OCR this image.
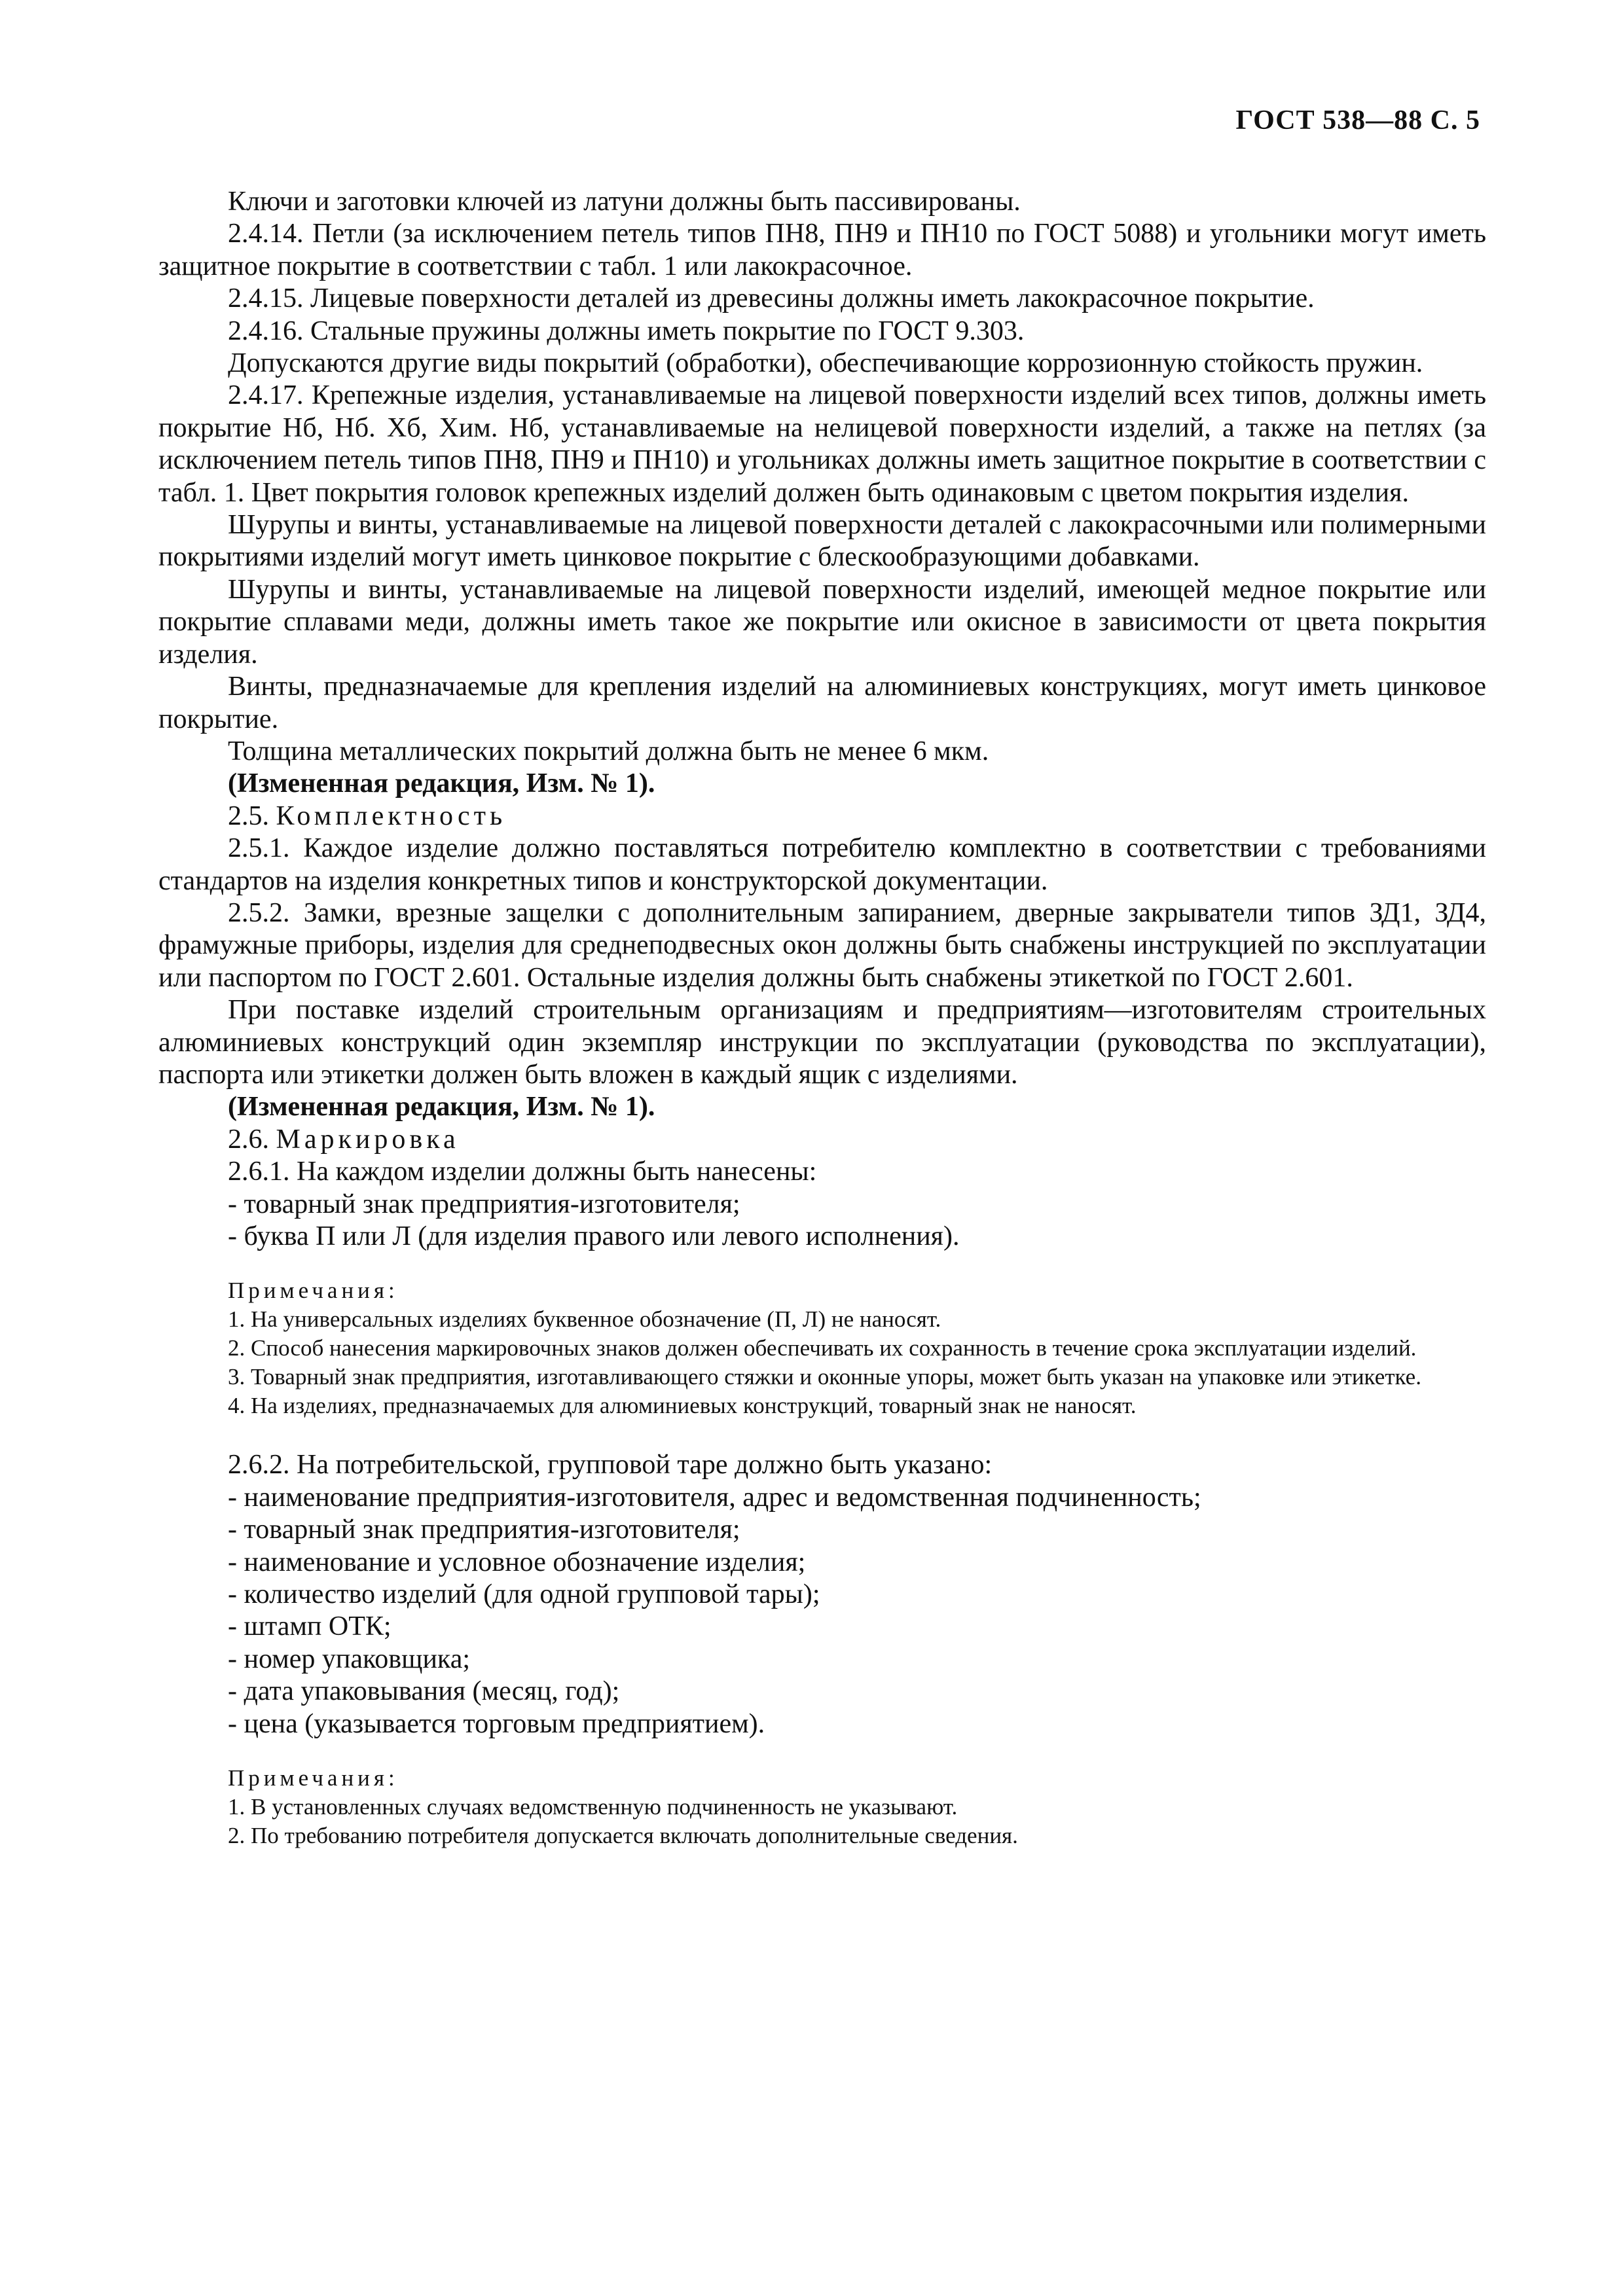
ГОСТ 538—88 С. 5

Ключи и заготовки ключей из латуни должны быть пассивированы.

2.4.14. Петли (за исключением петель типов ПН8, ПН9 и ПН10 по ГОСТ 5088) и угольники могут иметь защитное покрытие в соответствии с табл. 1 или лакокрасочное.

2.4.15. Лицевые поверхности деталей из древесины должны иметь лакокрасочное покрытие.

2.4.16. Стальные пружины должны иметь покрытие по ГОСТ 9.303.

Допускаются другие виды покрытий (обработки), обеспечивающие коррозионную стойкость пружин.

2.4.17. Крепежные изделия, устанавливаемые на лицевой поверхности изделий всех типов, должны иметь покрытие Нб, Нб. Хб, Хим. Нб, устанавливаемые на нелицевой поверхности изделий, а также на петлях (за исключением петель типов ПН8, ПН9 и ПН10) и угольниках должны иметь защитное покрытие в соответствии с табл. 1. Цвет покрытия головок крепежных изделий должен быть одинаковым с цветом покрытия изделия.

Шурупы и винты, устанавливаемые на лицевой поверхности деталей с лакокрасочными или полимерными покрытиями изделий могут иметь цинковое покрытие с блескообразующими добавками.

Шурупы и винты, устанавливаемые на лицевой поверхности изделий, имеющей медное покрытие или покрытие сплавами меди, должны иметь такое же покрытие или окисное в зависимости от цвета покрытия изделия.

Винты, предназначаемые для крепления изделий на алюминиевых конструкциях, могут иметь цинковое покрытие.

Толщина металлических покрытий должна быть не менее 6 мкм.

(Измененная редакция, Изм. № 1).

2.5. Комплектность

2.5.1. Каждое изделие должно поставляться потребителю комплектно в соответствии с требованиями стандартов на изделия конкретных типов и конструкторской документации.

2.5.2. Замки, врезные защелки с дополнительным запиранием, дверные закрыватели типов ЗД1, ЗД4, фрамужные приборы, изделия для среднеподвесных окон должны быть снабжены инструкцией по эксплуатации или паспортом по ГОСТ 2.601. Остальные изделия должны быть снабжены этикеткой по ГОСТ 2.601.

При поставке изделий строительным организациям и предприятиям—изготовителям строительных алюминиевых конструкций один экземпляр инструкции по эксплуатации (руководства по эксплуатации), паспорта или этикетки должен быть вложен в каждый ящик с изделиями.

(Измененная редакция, Изм. № 1).

2.6. Маркировка

2.6.1. На каждом изделии должны быть нанесены:

- товарный знак предприятия-изготовителя;

- буква П или Л (для изделия правого или левого исполнения).

Примечания:

1. На универсальных изделиях буквенное обозначение (П, Л) не наносят.

2. Способ нанесения маркировочных знаков должен обеспечивать их сохранность в течение срока эксплуатации изделий.

3. Товарный знак предприятия, изготавливающего стяжки и оконные упоры, может быть указан на упаковке или этикетке.

4. На изделиях, предназначаемых для алюминиевых конструкций, товарный знак не наносят.

2.6.2. На потребительской, групповой таре должно быть указано:

- наименование предприятия-изготовителя, адрес и ведомственная подчиненность;

- товарный знак предприятия-изготовителя;

- наименование и условное обозначение изделия;

- количество изделий (для одной групповой тары);

- штамп ОТК;

- номер упаковщика;

- дата упаковывания (месяц, год);

- цена (указывается торговым предприятием).

Примечания:

1. В установленных случаях ведомственную подчиненность не указывают.

2. По требованию потребителя допускается включать дополнительные сведения.
